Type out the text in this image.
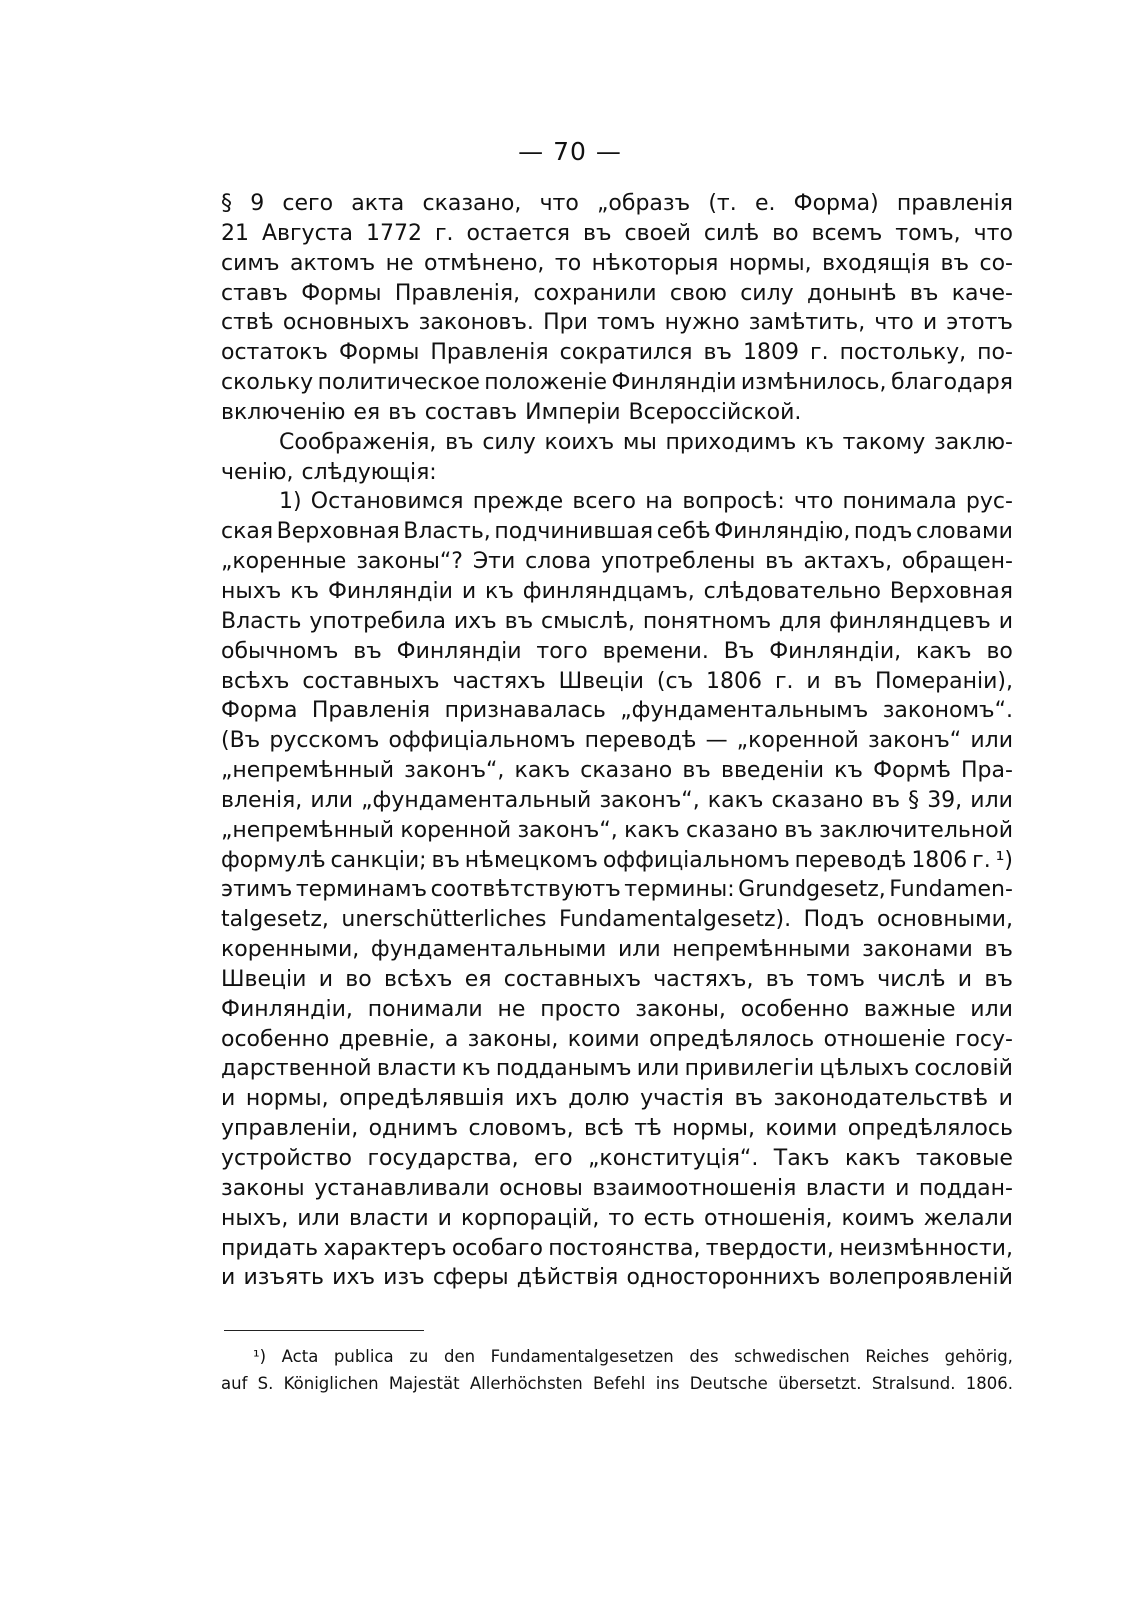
— 70 —
§ 9 сего акта сказано, что „образъ (т. е. Форма) правленія
21 Августа 1772 г. остается въ своей силѣ во всемъ томъ, что
симъ актомъ не отмѣнено, то нѣкоторыя нормы, входящія въ со-
ставъ Формы Правленія, сохранили свою силу донынѣ въ каче-
ствѣ основныхъ законовъ. При томъ нужно замѣтить, что и этотъ
остатокъ Формы Правленія сократился въ 1809 г. постольку, по-
скольку политическое положеніе Финляндіи измѣнилось, благодаря
включенію ея въ составъ Имперіи Всероссійской.
Соображенія, въ силу коихъ мы приходимъ къ такому заклю-
ченію, слѣдующія:
1) Остановимся прежде всего на вопросѣ: что понимала рус-
ская Верховная Власть, подчинившая себѣ Финляндію, подъ словами
„коренные законы“? Эти слова употреблены въ актахъ, обращен-
ныхъ къ Финляндіи и къ финляндцамъ, слѣдовательно Верховная
Власть употребила ихъ въ смыслѣ, понятномъ для финляндцевъ и
обычномъ въ Финляндіи того времени. Въ Финляндіи, какъ во
всѣхъ составныхъ частяхъ Швеціи (съ 1806 г. и въ Помераніи),
Форма Правленія признавалась „фундаментальнымъ закономъ“.
(Въ русскомъ оффиціальномъ переводѣ — „коренной законъ“ или
„непремѣнный законъ“, какъ сказано въ введеніи къ Формѣ Пра-
вленія, или „фундаментальный законъ“, какъ сказано въ § 39, или
„непремѣнный коренной законъ“, какъ сказано въ заключительной
формулѣ санкціи; въ нѣмецкомъ оффиціальномъ переводѣ 1806 г. ¹)
этимъ терминамъ соотвѣтствуютъ термины: Grundgesetz, Fundamen-
talgesetz, unerschütterliches Fundamentalgesetz). Подъ основными,
коренными, фундаментальными или непремѣнными законами въ
Швеціи и во всѣхъ ея составныхъ частяхъ, въ томъ числѣ и въ
Финляндіи, понимали не просто законы, особенно важные или
особенно древніе, а законы, коими опредѣлялось отношеніе госу-
дарственной власти къ подданымъ или привилегіи цѣлыхъ сословій
и нормы, опредѣлявшія ихъ долю участія въ законодательствѣ и
управленіи, однимъ словомъ, всѣ тѣ нормы, коими опредѣлялось
устройство государства, его „конституція“. Такъ какъ таковые
законы устанавливали основы взаимоотношенія власти и поддан-
ныхъ, или власти и корпорацій, то есть отношенія, коимъ желали
придать характеръ особаго постоянства, твердости, неизмѣнности,
и изъять ихъ изъ сферы дѣйствія одностороннихъ волепроявленій
¹) Acta publica zu den Fundamentalgesetzen des schwedischen Reiches gehörig,
auf S. Königlichen Majestät Allerhöchsten Befehl ins Deutsche übersetzt. Stralsund. 1806.
